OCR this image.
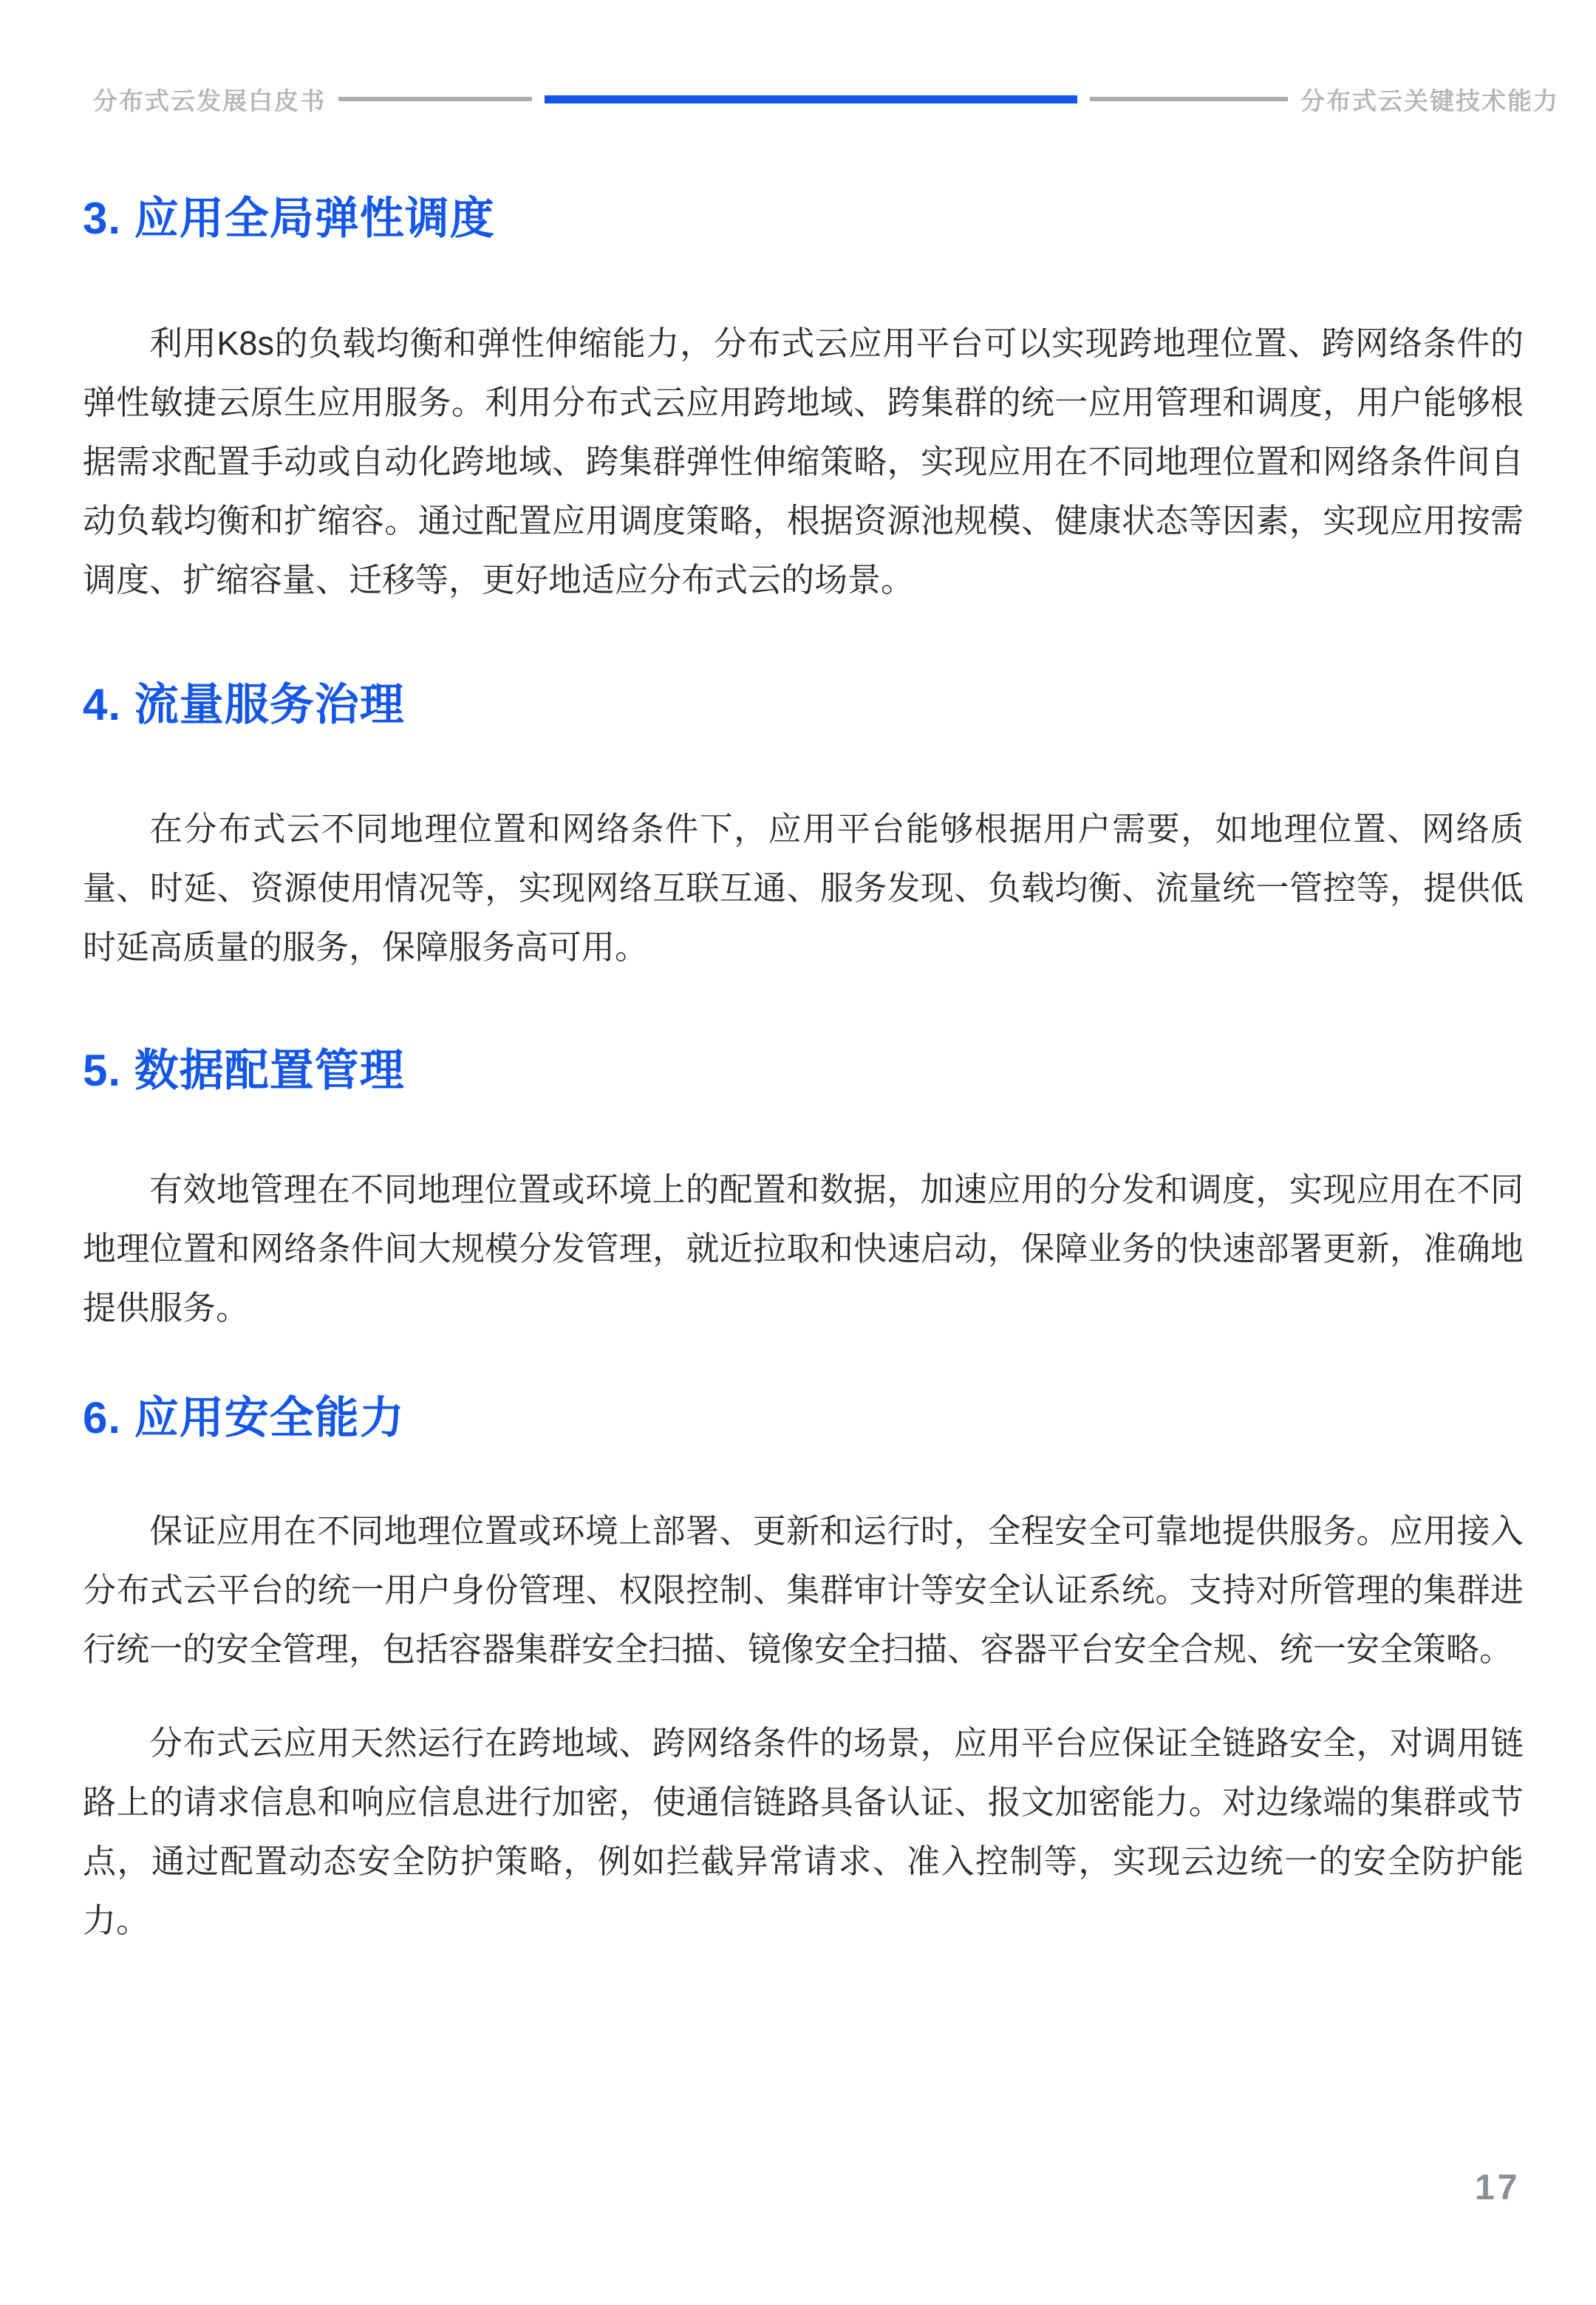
分布式云发展白皮书	分布式云关键技术能力
3. 应用全局弹性调度

利用K8s的负载均衡和弹性伸缩能力，分布式云应用平台可以实现跨地理位置、跨网络条件的弹性敏捷云原生应用服务。利用分布式云应用跨地域、跨集群的统一应用管理和调度，用户能够根据需求配置手动或自动化跨地域、跨集群弹性伸缩策略，实现应用在不同地理位置和网络条件间自动负载均衡和扩缩容。通过配置应用调度策略，根据资源池规模、健康状态等因素，实现应用按需调度、扩缩容量、迁移等，更好地适应分布式云的场景。

4. 流量服务治理

在分布式云不同地理位置和网络条件下，应用平台能够根据用户需要，如地理位置、网络质量、时延、资源使用情况等，实现网络互联互通、服务发现、负载均衡、流量统一管控等，提供低时延高质量的服务，保障服务高可用。

5. 数据配置管理

有效地管理在不同地理位置或环境上的配置和数据，加速应用的分发和调度，实现应用在不同地理位置和网络条件间大规模分发管理，就近拉取和快速启动，保障业务的快速部署更新，准确地提供服务。

6. 应用安全能力

保证应用在不同地理位置或环境上部署、更新和运行时，全程安全可靠地提供服务。应用接入分布式云平台的统一用户身份管理、权限控制、集群审计等安全认证系统。支持对所管理的集群进行统一的安全管理，包括容器集群安全扫描、镜像安全扫描、容器平台安全合规、统一安全策略。

分布式云应用天然运行在跨地域、跨网络条件的场景，应用平台应保证全链路安全，对调用链路上的请求信息和响应信息进行加密，使通信链路具备认证、报文加密能力。对边缘端的集群或节点，通过配置动态安全防护策略，例如拦截异常请求、准入控制等，实现云边统一的安全防护能力。

17
